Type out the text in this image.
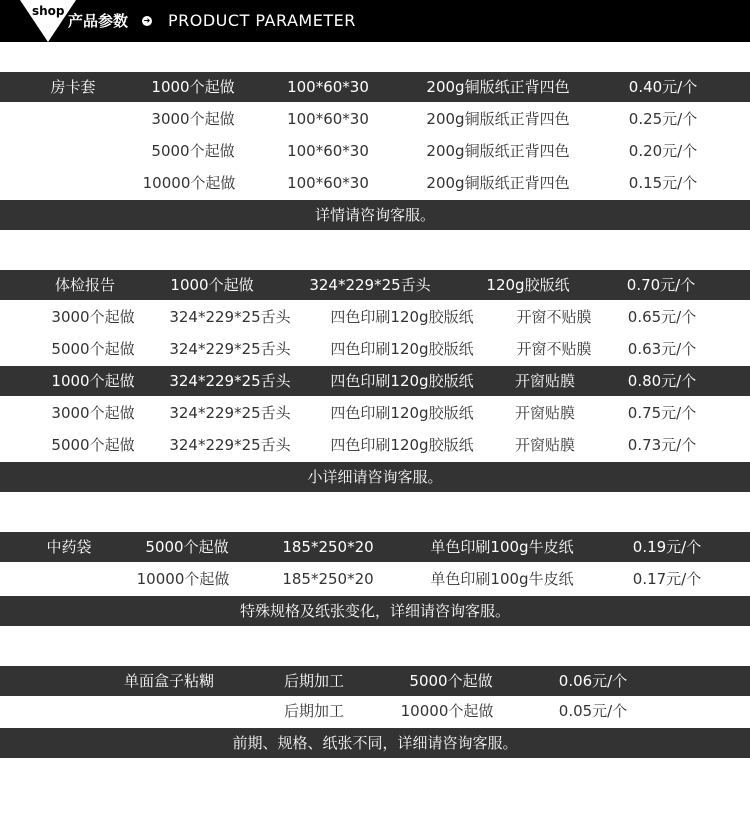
shop
产品参数 ➜ PRODUCT PARAMETER
房卡套	1000个起做	100*60*30	200g铜版纸正背四色	0.40元/个
3000个起做	100*60*30	200g铜版纸正背四色	0.25元/个
5000个起做	100*60*30	200g铜版纸正背四色	0.20元/个
10000个起做	100*60*30	200g铜版纸正背四色	0.15元/个
详情请咨询客服。
体检报告	1000个起做	324*229*25舌头	120g胶版纸	0.70元/个
3000个起做 324*229*25舌头	四色印刷120g胶版纸	开窗不贴膜 0.65元/个
5000个起做 324*229*25舌头	四色印刷120g胶版纸	开窗不贴膜 0.63元/个
1000个起做 324*229*25舌头	四色印刷120g胶版纸	开窗贴膜	0.80元/个
3000个起做 324*229*25舌头	四色印刷120g胶版纸	开窗贴膜	0.75元/个
5000个起做 324*229*25舌头	四色印刷120g胶版纸	开窗贴膜	0.73元/个
小详细请咨询客服。
中药袋	5000个起做	185*250*20	单色印刷100g牛皮纸	0.19元/个
10000个起做	185*250*20	单色印刷100g牛皮纸	0.17元/个
特殊规格及纸张变化，详细请咨询客服。
单面盒子粘糊	后期加工	5000个起做	0.06元/个
后期加工	10000个起做	0.05元/个
前期、规格、纸张不同，详细请咨询客服。
